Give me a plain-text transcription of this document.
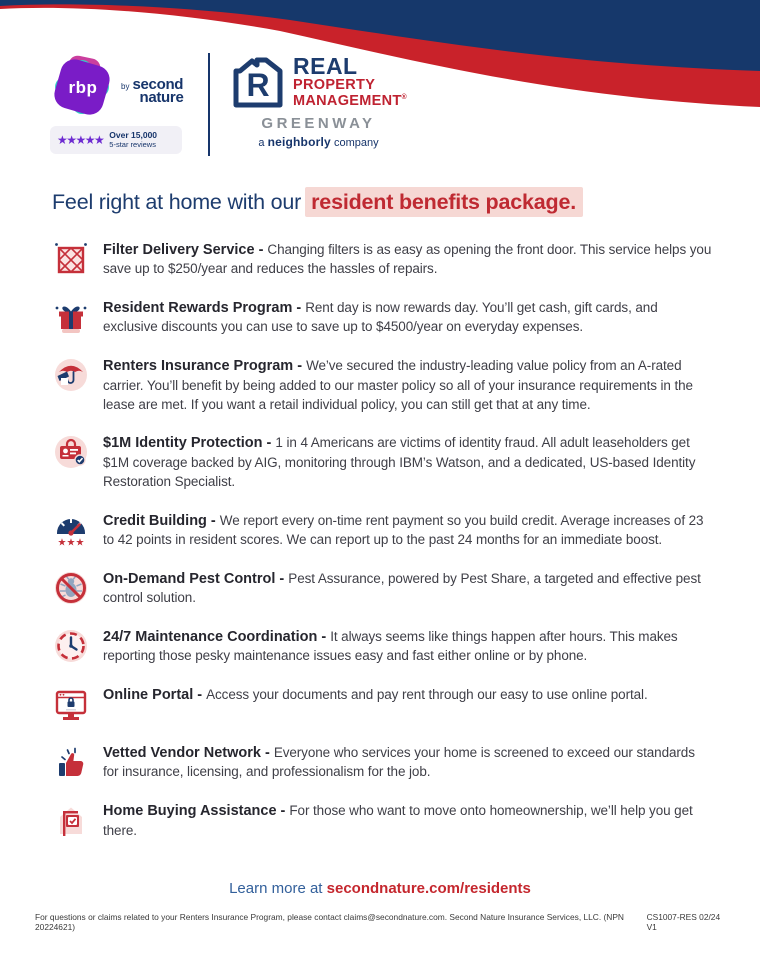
rbp	by second
nature
★★★★★ Over 15,000
5-star reviews
R
REAL
PROPERTY
MANAGEMENT®
GREENWAY
a neighborly company
Feel right at home with our resident benefits package.
Filter Delivery Service - Changing filters is as easy as opening the front door. This service helps you save up to $250/year and reduces the hassles of repairs.
Resident Rewards Program - Rent day is now rewards day. You’ll get cash, gift cards, and exclusive discounts you can use to save up to $4500/year on everyday expenses.
Renters Insurance Program - We’ve secured the industry-leading value policy from an A-rated carrier. You’ll benefit by being added to our master policy so all of your insurance requirements in the lease are met. If you want a retail individual policy, you can still get that at any time.
$1M Identity Protection - 1 in 4 Americans are victims of identity fraud. All adult leaseholders get $1M coverage backed by AIG, monitoring through IBM’s Watson, and a dedicated, US-based Identity Restoration Specialist.
★★★
Credit Building - We report every on-time rent payment so you build credit. Average increases of 23 to 42 points in resident scores. We can report up to the past 24 months for an immediate boost.
On-Demand Pest Control - Pest Assurance, powered by Pest Share, a targeted and effective pest control solution.
24/7 Maintenance Coordination - It always seems like things happen after hours. This makes reporting those pesky maintenance issues easy and fast either online or by phone.
Online Portal - Access your documents and pay rent through our easy to use online portal.
Vetted Vendor Network - Everyone who services your home is screened to exceed our standards for insurance, licensing, and professionalism for the job.
Home Buying Assistance - For those who want to move onto homeownership, we’ll help you get there.
Learn more at secondnature.com/residents
For questions or claims related to your Renters Insurance Program, please contact claims@secondnature.com. Second Nature Insurance Services, LLC. (NPN 20224621)
CS1007-RES 02/24 V1
